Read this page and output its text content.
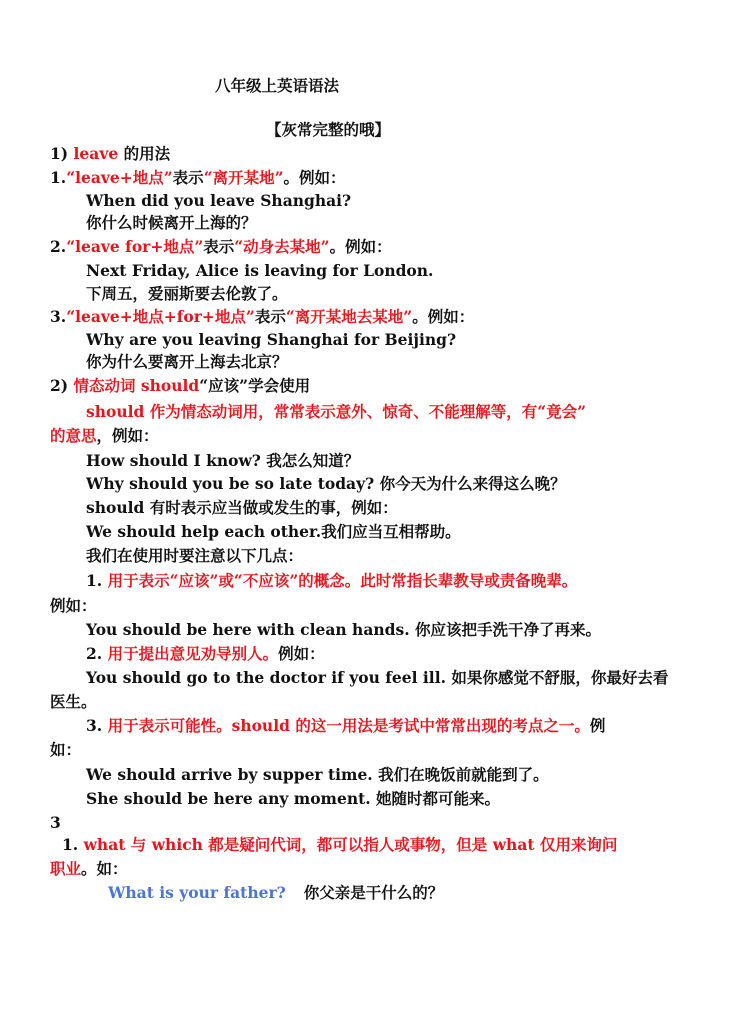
八年级上英语语法
【灰常完整的哦】
1) leave 的用法
1.“leave+地点”表示“离开某地”。例如：
When did you leave Shanghai?
你什么时候离开上海的？
2.“leave for+地点”表示“动身去某地”。例如：
Next Friday, Alice is leaving for London.
下周五，爱丽斯要去伦敦了。
3.“leave+地点+for+地点”表示“离开某地去某地”。例如：
Why are you leaving Shanghai for Beijing?
你为什么要离开上海去北京？
2) 情态动词 should“应该”学会使用
should 作为情态动词用，常常表示意外、惊奇、不能理解等，有“竟会”
的意思，例如：
How should I know? 我怎么知道？
Why should you be so late today? 你今天为什么来得这么晚？
should 有时表示应当做或发生的事，例如：
We should help each other.我们应当互相帮助。
我们在使用时要注意以下几点：
1. 用于表示“应该”或“不应该”的概念。此时常指长辈教导或责备晚辈。
例如：
You should be here with clean hands. 你应该把手洗干净了再来。
2. 用于提出意见劝导别人。例如：
You should go to the doctor if you feel ill. 如果你感觉不舒服，你最好去看
医生。
3. 用于表示可能性。should 的这一用法是考试中常常出现的考点之一。例
如：
We should arrive by supper time. 我们在晚饭前就能到了。
She should be here any moment. 她随时都可能来。
3
1. what 与 which 都是疑问代词，都可以指人或事物，但是 what 仅用来询问
职业。如：
What is your father? 你父亲是干什么的？
